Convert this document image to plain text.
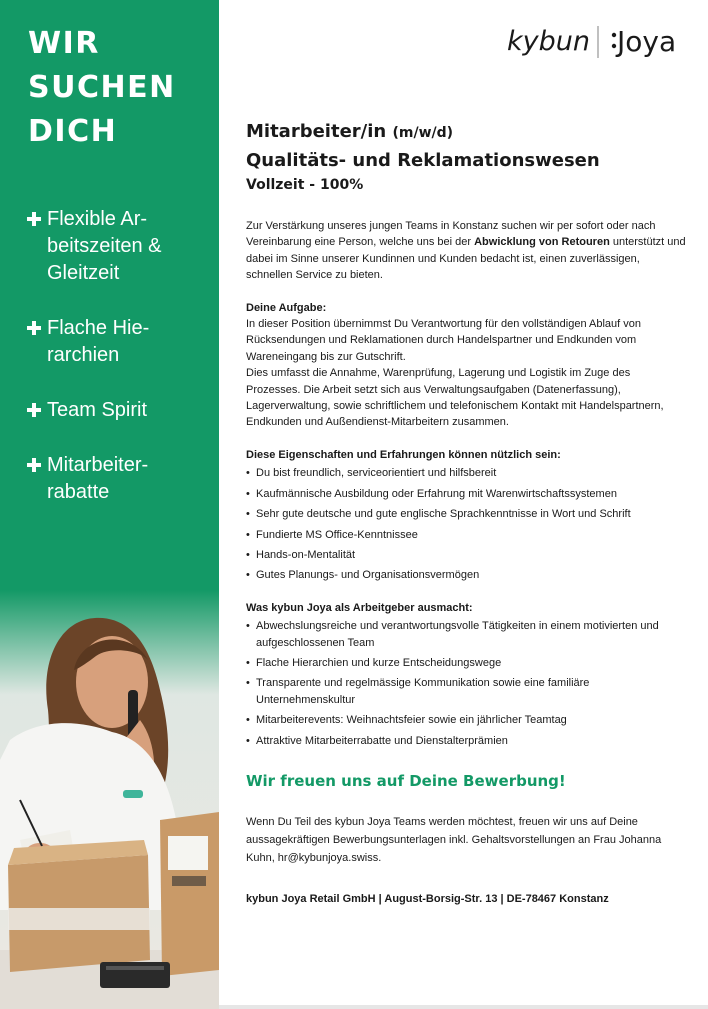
WIR
SUCHEN
DICH
Flexible Ar-beitszeiten & Gleitzeit
Flache Hie-rarchien
Team Spirit
Mitarbeiter-rabatte
kybun Joya
Mitarbeiter/in (m/w/d)
Qualitäts- und Reklamationswesen

Vollzeit - 100%

Zur Verstärkung unseres jungen Teams in Konstanz suchen wir per sofort oder nach Vereinbarung eine Person, welche uns bei der Abwicklung von Retouren unterstützt und dabei im Sinne unserer Kundinnen und Kunden bedacht ist, einen zuverlässigen, schnellen Service zu bieten.

Deine Aufgabe:

In dieser Position übernimmst Du Verantwortung für den vollständigen Ablauf von Rücksendungen und Reklamationen durch Handelspartner und Endkunden vom Wareneingang bis zur Gutschrift.
Dies umfasst die Annahme, Warenprüfung, Lagerung und Logistik im Zuge des Prozesses. Die Arbeit setzt sich aus Verwaltungsaufgaben (Datenerfassung), Lagerverwaltung, sowie schriftlichem und telefonischem Kontakt mit Handelspartnern, Endkunden und Außendienst-Mitarbeitern zusammen.

Diese Eigenschaften und Erfahrungen können nützlich sein:

• Du bist freundlich, serviceorientiert und hilfsbereit
• Kaufmännische Ausbildung oder Erfahrung mit Warenwirtschaftssystemen
• Sehr gute deutsche und gute englische Sprachkenntnisse in Wort und Schrift
• Fundierte MS Office-Kenntnissee
• Hands-on-Mentalität
• Gutes Planungs- und Organisationsvermögen

Was kybun Joya als Arbeitgeber ausmacht:

• Abwechslungsreiche und verantwortungsvolle Tätigkeiten in einem motivierten und aufgeschlossenen Team
• Flache Hierarchien und kurze Entscheidungswege
• Transparente und regelmässige Kommunikation sowie eine familiäre Unternehmenskultur
• Mitarbeiterevents: Weihnachtsfeier sowie ein jährlicher Teamtag
• Attraktive Mitarbeiterrabatte und Dienstalterprämien

Wir freuen uns auf Deine Bewerbung!

Wenn Du Teil des kybun Joya Teams werden möchtest, freuen wir uns auf Deine aussagekräftigen Bewerbungsunterlagen inkl. Gehaltsvorstellungen an Frau Johanna Kuhn, hr@kybunjoya.swiss.

kybun Joya Retail GmbH | August-Borsig-Str. 13 | DE-78467 Konstanz
